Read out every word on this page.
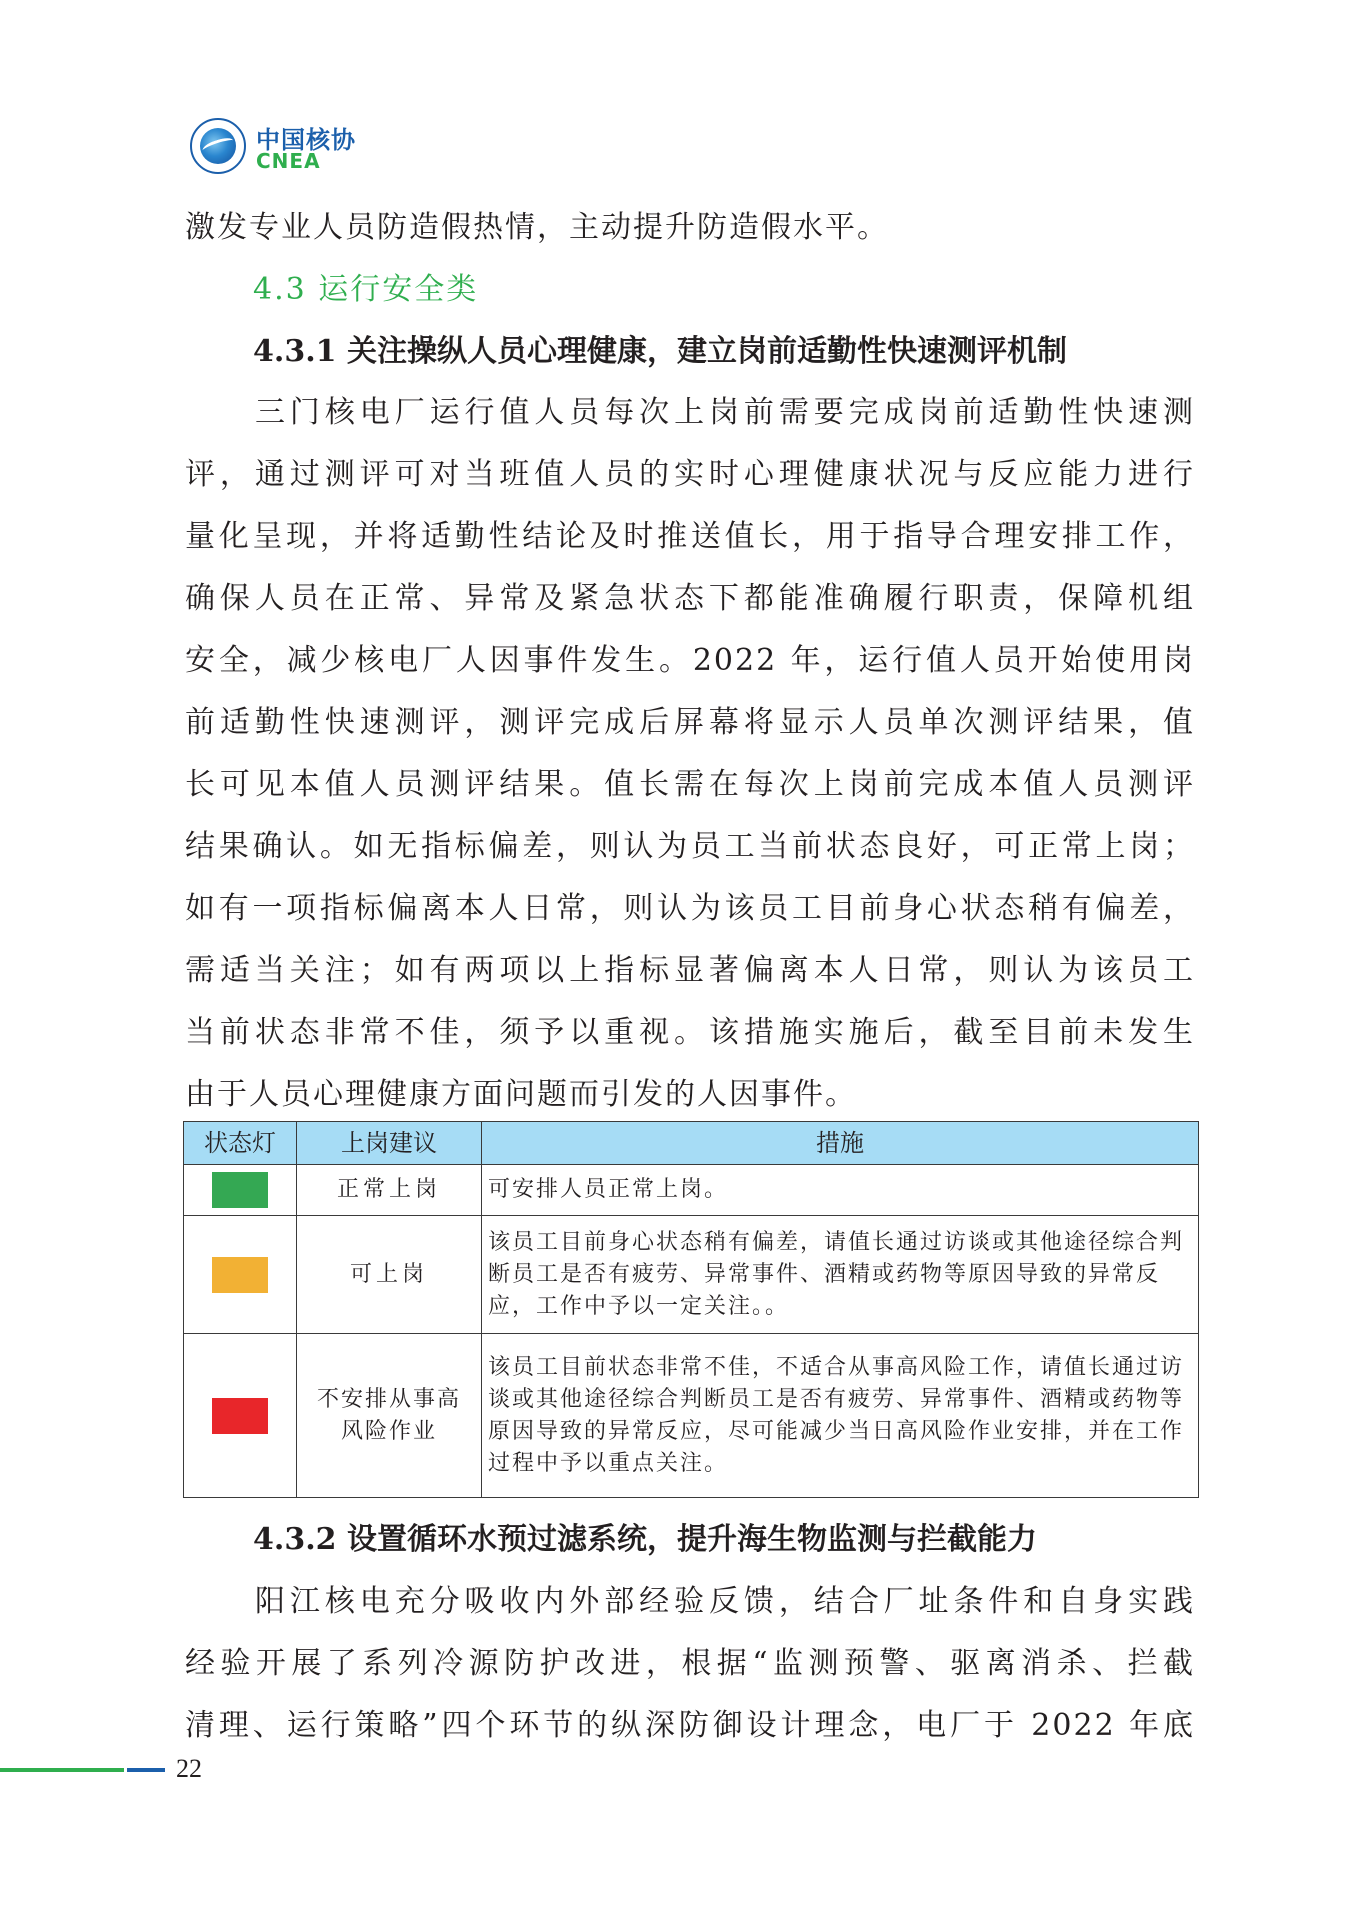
中国核协
CNEA
激发专业人员防造假热情，主动提升防造假水平。
4.3 运行安全类
4.3.1 关注操纵人员心理健康，建立岗前适勤性快速测评机制
三门核电厂运行值人员每次上岗前需要完成岗前适勤性快速测
评，通过测评可对当班值人员的实时心理健康状况与反应能力进行
量化呈现，并将适勤性结论及时推送值长，用于指导合理安排工作，
确保人员在正常、异常及紧急状态下都能准确履行职责，保障机组
安全，减少核电厂人因事件发生。2022 年，运行值人员开始使用岗
前适勤性快速测评，测评完成后屏幕将显示人员单次测评结果，值
长可见本值人员测评结果。值长需在每次上岗前完成本值人员测评
结果确认。如无指标偏差，则认为员工当前状态良好，可正常上岗；
如有一项指标偏离本人日常，则认为该员工目前身心状态稍有偏差，
需适当关注；如有两项以上指标显著偏离本人日常，则认为该员工
当前状态非常不佳，须予以重视。该措施实施后，截至目前未发生
由于人员心理健康方面问题而引发的人因事件。
状态灯	上岗建议	措施
	正常上岗	可安排人员正常上岗。
	可上岗	该员工目前身心状态稍有偏差，请值长通过访谈或其他途径综合判断员工是否有疲劳、异常事件、酒精或药物等原因导致的异常反应，工作中予以一定关注。。
	不安排从事高风险作业	该员工目前状态非常不佳，不适合从事高风险工作，请值长通过访谈或其他途径综合判断员工是否有疲劳、异常事件、酒精或药物等原因导致的异常反应，尽可能减少当日高风险作业安排，并在工作过程中予以重点关注。
4.3.2 设置循环水预过滤系统，提升海生物监测与拦截能力
阳江核电充分吸收内外部经验反馈，结合厂址条件和自身实践
经验开展了系列冷源防护改进，根据“监测预警、驱离消杀、拦截
清理、运行策略”四个环节的纵深防御设计理念，电厂于 2022 年底
22
